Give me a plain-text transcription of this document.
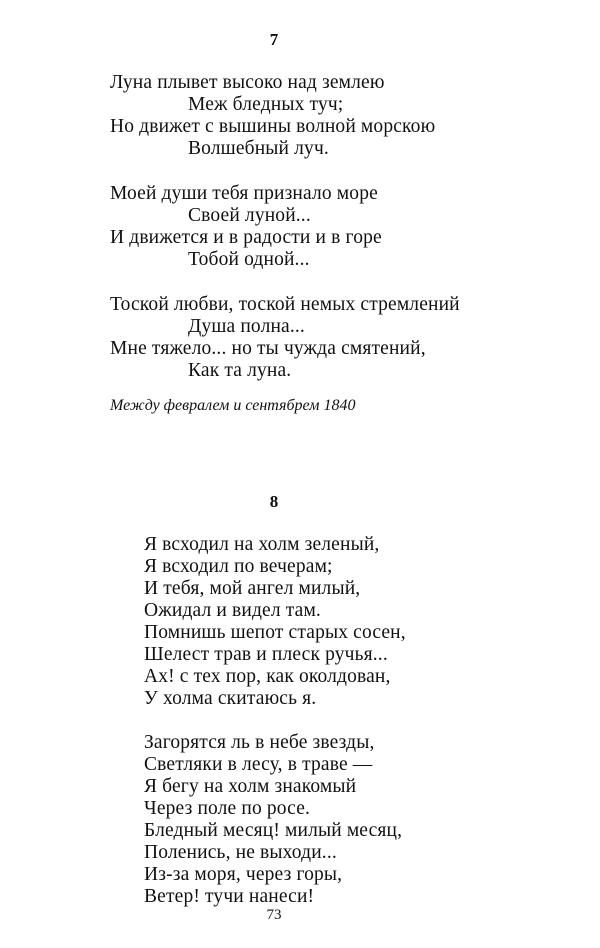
7
Луна плывет высоко над землею
Меж бледных туч;
Но движет с вышины волной морскою
Волшебный луч.
Моей души тебя признало море
Своей луной...
И движется и в радости и в горе
Тобой одной...
Тоской любви, тоской немых стремлений
Душа полна...
Мне тяжело... но ты чужда смятений,
Как та луна.
Между февралем и сентябрем 1840
8
Я всходил на холм зеленый,
Я всходил по вечерам;
И тебя, мой ангел милый,
Ожидал и видел там.
Помнишь шепот старых сосен,
Шелест трав и плеск ручья...
Ах! с тех пор, как околдован,
У холма скитаюсь я.
Загорятся ль в небе звезды,
Светляки в лесу, в траве —
Я бегу на холм знакомый
Через поле по росе.
Бледный месяц! милый месяц,
Поленись, не выходи...
Из-за моря, через горы,
Ветер! тучи нанеси!
73
